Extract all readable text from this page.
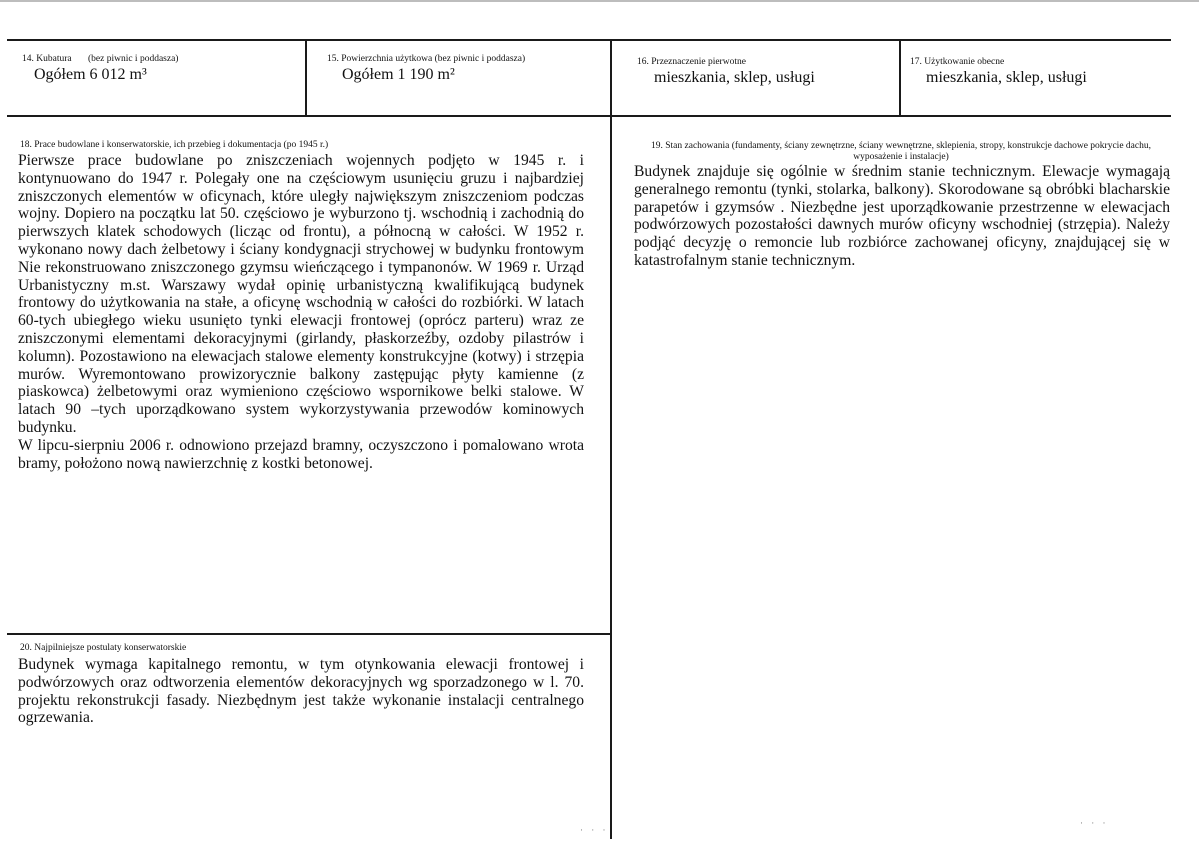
14. Kubatura (bez piwnic i poddasza)
Ogółem 6 012 m³
15. Powierzchnia użytkowa (bez piwnic i poddasza)
Ogółem 1 190 m²
16. Przeznaczenie pierwotne
mieszkania, sklep, usługi
17. Użytkowanie obecne
mieszkania, sklep, usługi
18. Prace budowlane i konserwatorskie, ich przebieg i dokumentacja (po 1945 r.)

Pierwsze prace budowlane po zniszczeniach wojennych podjęto w 1945 r. i kontynuowano do 1947 r. Polegały one na częściowym usunięciu gruzu i najbardziej zniszczonych elementów w oficynach, które uległy największym zniszczeniom podczas wojny. Dopiero na początku lat 50. częściowo je wyburzono tj. wschodnią i zachodnią do pierwszych klatek schodowych (licząc od frontu), a północną w całości. W 1952 r. wykonano nowy dach żelbetowy i ściany kondygnacji strychowej w budynku frontowym Nie rekonstruowano zniszczonego gzymsu wieńczącego i tympanonów. W 1969 r. Urząd Urbanistyczny m.st. Warszawy wydał opinię urbanistyczną kwalifikującą budynek frontowy do użytkowania na stałe, a oficynę wschodnią w całości do rozbiórki. W latach 60-tych ubiegłego wieku usunięto tynki elewacji frontowej (oprócz parteru) wraz ze zniszczonymi elementami dekoracyjnymi (girlandy, płaskorzeźby, ozdoby pilastrów i kolumn). Pozostawiono na elewacjach stalowe elementy konstrukcyjne (kotwy) i strzępia murów. Wyremontowano prowizorycznie balkony zastępując płyty kamienne (z piaskowca) żelbetowymi oraz wymieniono częściowo wspornikowe belki stalowe. W latach 90 –tych uporządkowano system wykorzystywania przewodów kominowych budynku.

W lipcu-sierpniu 2006 r. odnowiono przejazd bramny, oczyszczono i pomalowano wrota bramy, położono nową nawierzchnię z kostki betonowej.

19. Stan zachowania (fundamenty, ściany zewnętrzne, ściany wewnętrzne, sklepienia, stropy, konstrukcje dachowe pokrycie dachu, wyposażenie i instalacje)

Budynek znajduje się ogólnie w średnim stanie technicznym. Elewacje wymagają generalnego remontu (tynki, stolarka, balkony). Skorodowane są obróbki blacharskie parapetów i gzymsów . Niezbędne jest uporządkowanie przestrzenne w elewacjach podwórzowych pozostałości dawnych murów oficyny wschodniej (strzępia). Należy podjąć decyzję o remoncie lub rozbiórce zachowanej oficyny, znajdującej się w katastrofalnym stanie technicznym.

20. Najpilniejsze postulaty konserwatorskie

Budynek wymaga kapitalnego remontu, w tym otynkowania elewacji frontowej i podwórzowych oraz odtworzenia elementów dekoracyjnych wg sporzadzonego w l. 70. projektu rekonstrukcji fasady. Niezbędnym jest także wykonanie instalacji centralnego ogrzewania.

· · ·
· · ·
